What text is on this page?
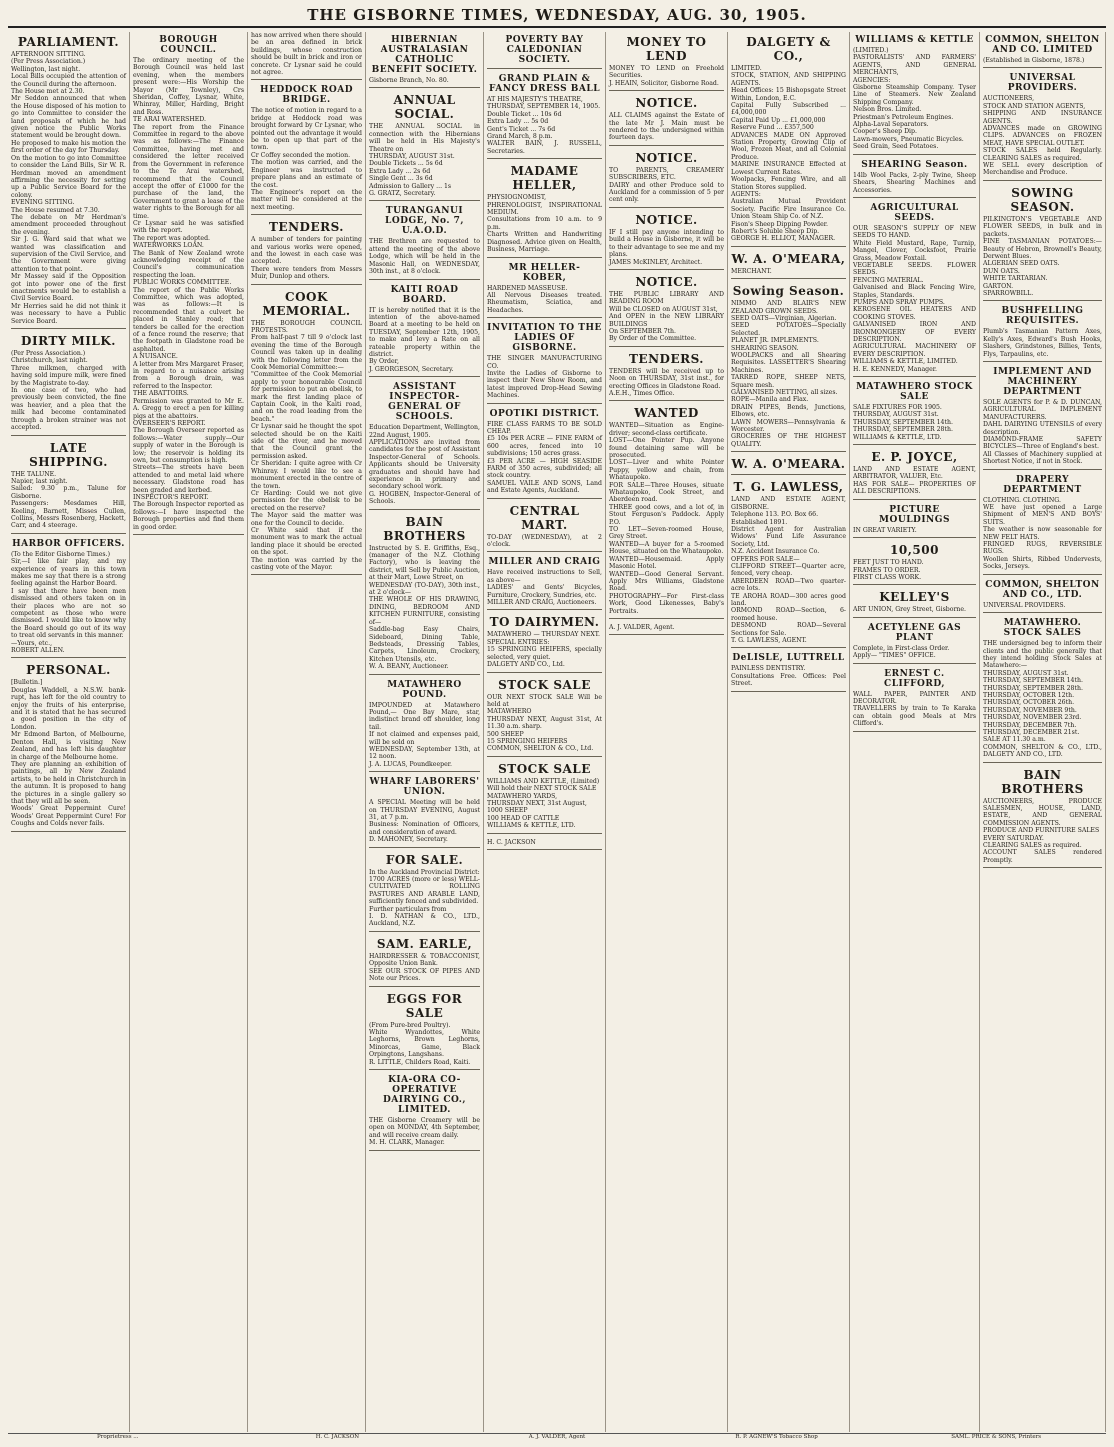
THE GISBORNE TIMES, WEDNESDAY, AUG. 30, 1905.
PARLIAMENT.
AFTERNOON SITTING.
(Per Press Association.)
Wellington, last night.
Local Bills occupied the attention of the Council during the afternoon.
The House met at 2.30.
Mr Seddon announced that when the House disposed of his motion to go into Committee to consider the land proposals of which he had given notice the Public Works statement would be brought down.
He proposed to make his motion the first order of the day for Thursday.
On the motion to go into Committee to consider the Land Bills, Sir W. R. Herdman moved an amendment affirming the necessity for setting up a Public Service Board for the colony.
EVENING SITTING.
The House resumed at 7.30.
The debate on Mr Herdman's amendment proceeded throughout the evening.
Sir J. G. Ward said that what we wanted was classification and supervision of the Civil Service, and the Government were giving attention to that point.
Mr Massey said if the Opposition got into power one of the first enactments would be to establish a Civil Service Board.
Mr Herries said he did not think it was necessary to have a Public Service Board.
DIRTY MILK.
(Per Press Association.)
Christchurch, last night.
Three milkmen, charged with having sold impure milk, were fined by the Magistrate to-day.
In one case of two, who had previously been convicted, the fine was heavier, and a plea that the milk had become contaminated through a broken strainer was not accepted.
LATE SHIPPING.
THE TALUNE.
Napier, last night.
Sailed: 9.30 p.m., Talune for Gisborne.
Passengers: Mesdames Hill, Keeling, Barnett, Misses Cullen, Collins, Messrs Rosenberg, Hackett, Carr, and 4 steerage.
HARBOR OFFICERS.
(To the Editor Gisborne Times.)
Sir,—I like fair play, and my experience of years in this town makes me say that there is a strong feeling against the Harbor Board.
I say that there have been men dismissed and others taken on in their places who are not so competent as those who were dismissed. I would like to know why the Board should go out of its way to treat old servants in this manner.
—Yours, etc.,
ROBERT ALLEN.
PERSONAL.
[Bulletin.]
Douglas Waddell, a N.S.W. bank-rupt, has left for the old country to enjoy the fruits of his enterprise, and it is stated that he has secured a good position in the city of London.
Mr Edmond Barton, of Melbourne, Denton Hall, is visiting New Zealand, and has left his daughter in charge of the Melbourne home.
They are planning an exhibition of paintings, all by New Zealand artists, to be held in Christchurch in the autumn. It is proposed to hang the pictures in a single gallery so that they will all be seen.
Woods' Great Peppermint Cure! Woods' Great Peppermint Cure! For Coughs and Colds never fails.
BOROUGH COUNCIL.
The ordinary meeting of the Borough Council was held last evening, when the members present were:—His Worship the Mayor (Mr Townley), Crs Sheridan, Coffey, Lysnar, White, Whinray, Miller, Harding, Bright and Ross.
TE ARAI WATERSHED.
The report from the Finance Committee in regard to the above was as follows:—The Finance Committee, having met and considered the letter received from the Government in reference to the Te Arai watershed, recommend that the Council accept the offer of £1000 for the purchase of the land, the Government to grant a lease of the water rights to the Borough for all time.
Cr Lysnar said he was satisfied with the report.
The report was adopted.
WATERWORKS LOAN.
The Bank of New Zealand wrote acknowledging receipt of the Council's communication respecting the loan.
PUBLIC WORKS COMMITTEE.
The report of the Public Works Committee, which was adopted, was as follows:—It is recommended that a culvert be placed in Stanley road; that tenders be called for the erection of a fence round the reserve; that the footpath in Gladstone road be asphalted.
A NUISANCE.
A letter from Mrs Margaret Fraser, in regard to a nuisance arising from a Borough drain, was referred to the Inspector.
THE ABATTOIRS.
Permission was granted to Mr E. A. Gregg to erect a pen for killing pigs at the abattoirs.
OVERSEER'S REPORT.
The Borough Overseer reported as follows:—Water supply—Our supply of water in the Borough is low; the reservoir is holding its own, but consumption is high.
Streets—The streets have been attended to and metal laid where necessary. Gladstone road has been graded and kerbed.
INSPECTOR'S REPORT.
The Borough Inspector reported as follows:—I have inspected the Borough properties and find them in good order.
has now arrived when there should be an area defined in brick buildings, whose construction should be built in brick and iron or concrete. Cr Lysnar said he could not agree.
HEDDOCK ROAD BRIDGE.
The notice of motion in regard to a bridge at Heddock road was brought forward by Cr Lysnar, who pointed out the advantage it would be to open up that part of the town.
Cr Coffey seconded the motion.
The motion was carried, and the Engineer was instructed to prepare plans and an estimate of the cost.
The Engineer's report on the matter will be considered at the next meeting.
TENDERS.
A number of tenders for painting and various works were opened, and the lowest in each case was accepted.
There were tenders from Messrs Muir, Dunlop and others.
COOK MEMORIAL.
THE BOROUGH COUNCIL PROTESTS.
From half-past 7 till 9 o'clock last evening the time of the Borough Council was taken up in dealing with the following letter from the Cook Memorial Committee:—
"Committee of the Cook Memorial apply to your honourable Council for permission to put an obelisk, to mark the first landing place of Captain Cook, in the Kaiti road, and on the road leading from the beach."
Cr Lysnar said he thought the spot selected should be on the Kaiti side of the river, and he moved that the Council grant the permission asked.
Cr Sheridan: I quite agree with Cr Whinray. I would like to see a monument erected in the centre of the town.
Cr Harding: Could we not give permission for the obelisk to be erected on the reserve?
The Mayor said the matter was one for the Council to decide.
Cr White said that if the monument was to mark the actual landing place it should be erected on the spot.
The motion was carried by the casting vote of the Mayor.
HIBERNIAN AUSTRALASIAN CATHOLIC BENEFIT SOCIETY.
Gisborne Branch, No. 80.
ANNUAL SOCIAL.
THE ANNUAL SOCIAL in connection with the Hibernians will be held in His Majesty's Theatre on
THURSDAY, AUGUST 31st.
Double Tickets ... 5s 6d
Extra Lady ... 2s 6d
Single Gent ... 3s 6d
Admission to Gallery ... 1s
G. GRATZ, Secretary.
TURANGANUI LODGE, No. 7, U.A.O.D.
THE Brethren are requested to attend the meeting of the above Lodge, which will be held in the Masonic Hall, on WEDNESDAY, 30th inst., at 8 o'clock.
KAITI ROAD BOARD.
IT is hereby notified that it is the intention of the above-named Board at a meeting to be held on TUESDAY, September 12th, 1905, to make and levy a Rate on all rateable property within the district.
By Order,
J. GEORGESON, Secretary.
ASSISTANT INSPECTOR-GENERAL OF SCHOOLS.
Education Department, Wellington, 22nd August, 1905.
APPLICATIONS are invited from candidates for the post of Assistant Inspector-General of Schools. Applicants should be University graduates and should have had experience in primary and secondary school work.
G. HOGBEN, Inspector-General of Schools.
BAIN BROTHERS
Instructed by S. E. Griffiths, Esq., (manager of the N.Z. Clothing Factory), who is leaving the district, will Sell by Public Auction, at their Mart, Lowe Street, on
WEDNESDAY (TO-DAY), 30th inst., at 2 o'clock—
THE WHOLE OF HIS DRAWING, DINING, BEDROOM AND KITCHEN FURNITURE, consisting of—
Saddle-bag Easy Chairs, Sideboard, Dining Table, Bedsteads, Dressing Tables, Carpets, Linoleum, Crockery, Kitchen Utensils, etc.
W. A. BEANY, Auctioneer.
MATAWHERO POUND.
IMPOUNDED at Matawhero Pound,— One Bay Mare, star, indistinct brand off shoulder, long tail.
If not claimed and expenses paid, will be sold on
WEDNESDAY, September 13th, at 12 noon.
J. A. LUCAS, Poundkeeper.
WHARF LABORERS' UNION.
A SPECIAL Meeting will be held on THURSDAY EVENING, August 31, at 7 p.m.
Business: Nomination of Officers, and consideration of award.
D. MAHONEY, Secretary.
FOR SALE.
In the Auckland Provincial District:
1700 ACRES (more or less) WELL-CULTIVATED ROLLING PASTURES AND ARABLE LAND, sufficiently fenced and subdivided.
Further particulars from
I. D. NATHAN & CO., LTD., Auckland, N.Z.
SAM. EARLE,
HAIRDRESSER & TOBACCONIST, Opposite Union Bank.
SEE OUR STOCK OF PIPES AND Note our Prices.
EGGS FOR SALE
(From Pure-bred Poultry).
White Wyandottes, White Leghorns, Brown Leghorns, Minorcas, Game, Black Orpingtons, Langshans.
R. LITTLE, Childers Road, Kaiti.
KIA-ORA CO-OPERATIVE DAIRYING CO., LIMITED.
THE Gisborne Creamery will be open on MONDAY, 4th September, and will receive cream daily.
M. H. CLARK, Manager.
POVERTY BAY CALEDONIAN SOCIETY.
GRAND PLAIN & FANCY DRESS BALL
AT HIS MAJESTY'S THEATRE,
THURSDAY, SEPTEMBER 14, 1905.
Double Ticket ... 10s 6d
Extra Lady ... 5s 0d
Gent's Ticket ... 7s 6d
Grand March, 8 p.m.
WALTER BAIN, J. RUSSELL, Secretaries.
MADAME HELLER,
PHYSIOGNOMIST, PHRENOLOGIST, INSPIRATIONAL MEDIUM.
Consultations from 10 a.m. to 9 p.m.
Charts Written and Handwriting Diagnosed. Advice given on Health, Business, Marriage.
MR HELLER-KOBER,
HARDENED MASSEUSE.
All Nervous Diseases treated. Rheumatism, Sciatica, and Headaches.
INVITATION TO THE LADIES OF GISBORNE.
THE SINGER MANUFACTURING CO.
Invite the Ladies of Gisborne to inspect their New Show Room, and latest improved Drop-Head Sewing Machines.
OPOTIKI DISTRICT.
FIRE CLASS FARMS TO BE SOLD CHEAP.
£5 10s PER ACRE — FINE FARM of 600 acres, fenced into 10 subdivisions; 150 acres grass.
£3 PER ACRE — HIGH SEASIDE FARM of 350 acres, subdivided; all stock country.
SAMUEL VAILE AND SONS, Land and Estate Agents, Auckland.
CENTRAL MART.
TO-DAY (WEDNESDAY), at 2 o'clock.
MILLER AND CRAIG
Have received instructions to Sell, as above—
LADIES' and Gents' Bicycles, Furniture, Crockery, Sundries, etc.
MILLER AND CRAIG, Auctioneers.
TO DAIRYMEN.
MATAWHERO — THURSDAY NEXT.
SPECIAL ENTRIES:
15 SPRINGING HEIFERS, specially selected, very quiet.
DALGETY AND CO., Ltd.
STOCK SALE
OUR NEXT STOCK SALE Will be held at
MATAWHERO
THURSDAY NEXT, August 31st, At 11.30 a.m. sharp.
500 SHEEP
15 SPRINGING HEIFERS
COMMON, SHELTON & CO., Ltd.
STOCK SALE
WILLIAMS AND KETTLE, (Limited)
Will hold their NEXT STOCK SALE
MATAWHERO YARDS,
THURSDAY NEXT, 31st August,
1000 SHEEP
100 HEAD OF CATTLE
WILLIAMS & KETTLE, LTD.
H. C. JACKSON
MONEY TO LEND
MONEY TO LEND on Freehold Securities.
J. HEAIN, Solicitor, Gisborne Road.
NOTICE.
ALL CLAIMS against the Estate of the late Mr J. Main must be rendered to the undersigned within fourteen days.
NOTICE.
TO PARENTS, CREAMERY SUBSCRIBERS, ETC.
DAIRY and other Produce sold to Auckland for a commission of 5 per cent only.
NOTICE.
IF I still pay anyone intending to build a House in Gisborne, it will be to their advantage to see me and my plans.
JAMES McKINLEY, Architect.
NOTICE.
THE PUBLIC LIBRARY AND READING ROOM
Will be CLOSED on AUGUST 31st,
And OPEN in the NEW LIBRARY BUILDINGS
On SEPTEMBER 7th.
By Order of the Committee.
TENDERS.
TENDERS will be received up to Noon on THURSDAY, 31st inst., for erecting Offices in Gladstone Road.
A.E.H., Times Office.
WANTED
WANTED—Situation as Engine-driver; second-class certificate.
LOST—One Pointer Pup. Anyone found detaining same will be prosecuted.
LOST—Liver and white Pointer Puppy, yellow and chain, from Whataupoko.
FOR SALE—Three Houses, situate Whataupoko, Cook Street, and Aberdeen road.
THREE good cows, and a lot of, in Stout Ferguson's Paddock. Apply P.O.
TO LET—Seven-roomed House, Grey Street.
WANTED—A buyer for a 5-roomed House, situated on the Whataupoko.
WANTED—Housemaid. Apply Masonic Hotel.
WANTED—Good General Servant. Apply Mrs Williams, Gladstone Road.
PHOTOGRAPHY—For First-class Work, Good Likenesses, Baby's Portraits.
A. J. VALDER, Agent.
DALGETY & CO.,
LIMITED.
STOCK, STATION, AND SHIPPING AGENTS.
Head Offices: 15 Bishopsgate Street Within, London, E.C.
Capital Fully Subscribed ... £4,000,000
Capital Paid Up ... £1,000,000
Reserve Fund ... £357,500
ADVANCES MADE ON Approved Station Property, Growing Clip of Wool, Frozen Meat, and all Colonial Produce.
MARINE INSURANCE Effected at Lowest Current Rates.
Woolpacks, Fencing Wire, and all Station Stores supplied.
AGENTS:
Australian Mutual Provident Society. Pacific Fire Insurance Co. Union Steam Ship Co. of N.Z.
Fison's Sheep Dipping Powder.
Robert's Soluble Sheep Dip.
GEORGE H. ELLIOT, MANAGER.
W. A. O'MEARA,
MERCHANT.
Sowing Season.
NIMMO AND BLAIR'S NEW ZEALAND GROWN SEEDS.
SEED OATS—Virginian, Algerian.
SEED POTATOES—Specially Selected.
PLANET JR. IMPLEMENTS.
SHEARING SEASON.
WOOLPACKS and all Shearing Requisites. LASSETTER'S Shearing Machines.
TARRED ROPE, SHEEP NETS, Square mesh.
GALVANISED NETTING, all sizes.
ROPE—Manila and Flax.
DRAIN PIPES, Bends, Junctions, Elbows, etc.
LAWN MOWERS—Pennsylvania & Worcester.
GROCERIES OF THE HIGHEST QUALITY.
W. A. O'MEARA.
T. G. LAWLESS,
LAND AND ESTATE AGENT, GISBORNE.
Telephone 113. P.O. Box 66.
Established 1891.
District Agent for Australian Widows' Fund Life Assurance Society, Ltd.
N.Z. Accident Insurance Co.
OFFERS FOR SALE—
CLIFFORD STREET—Quarter acre, fenced, very cheap.
ABERDEEN ROAD—Two quarter-acre lots.
TE AROHA ROAD—300 acres good land.
ORMOND ROAD—Section, 6-roomed house.
DESMOND ROAD—Several Sections for Sale.
T. G. LAWLESS, AGENT.
DeLISLE, LUTTRELL
PAINLESS DENTISTRY.
Consultations Free. Offices: Peel Street.
WILLIAMS & KETTLE
(LIMITED.)
PASTORALISTS' AND FARMERS' AGENTS, AND GENERAL MERCHANTS,
AGENCIES:
Gisborne Steamship Company. Tyser Line of Steamers. New Zealand Shipping Company.
Nelson Bros. Limited.
Priestman's Petroleum Engines.
Alpha-Laval Separators.
Cooper's Sheep Dip.
Lawn-mowers, Pneumatic Bicycles.
Seed Grain, Seed Potatoes.
SHEARING Season.
14lb Wool Packs, 2-ply Twine, Sheep Shears, Shearing Machines and Accessories.
AGRICULTURAL SEEDS.
OUR SEASON'S SUPPLY OF NEW SEEDS TO HAND.
White Field Mustard, Rape, Turnip, Mangel, Clover, Cocksfoot, Prairie Grass, Meadow Foxtail.
VEGETABLE SEEDS. FLOWER SEEDS.
FENCING MATERIAL.
Galvanised and Black Fencing Wire, Staples, Standards.
PUMPS AND SPRAY PUMPS.
KEROSENE OIL HEATERS AND COOKING STOVES.
GALVANISED IRON AND IRONMONGERY OF EVERY DESCRIPTION.
AGRICULTURAL MACHINERY OF EVERY DESCRIPTION.
WILLIAMS & KETTLE, LIMITED.
H. E. KENNEDY, Manager.
MATAWHERO STOCK SALE
SALE FIXTURES FOR 1905.
THURSDAY, AUGUST 31st.
THURSDAY, SEPTEMBER 14th.
THURSDAY, SEPTEMBER 28th.
WILLIAMS & KETTLE, LTD.
E. P. JOYCE,
LAND AND ESTATE AGENT, ARBITRATOR, VALUER, Etc.
HAS FOR SALE— PROPERTIES OF ALL DESCRIPTIONS.
PICTURE MOULDINGS
IN GREAT VARIETY.
10,500
FEET JUST TO HAND.
FRAMES TO ORDER.
FIRST CLASS WORK.
KELLEY'S
ART UNION, Grey Street, Gisborne.
ACETYLENE GAS PLANT
Complete, in First-class Order.
Apply— "TIMES" OFFICE.
ERNEST C. CLIFFORD,
WALL PAPER, PAINTER AND DECORATOR.
TRAVELLERS by train to Te Karaka can obtain good Meals at Mrs Clifford's.
COMMON, SHELTON AND CO. LIMITED
(Established in Gisborne, 1878.)
UNIVERSAL PROVIDERS.
AUCTIONEERS,
STOCK AND STATION AGENTS,
SHIPPING AND INSURANCE AGENTS.
ADVANCES made on GROWING CLIPS. ADVANCES on FROZEN MEAT, HAVE SPECIAL OUTLET.
STOCK SALES held Regularly. CLEARING SALES as required.
WE SELL every description of Merchandise and Produce.
SOWING SEASON.
PILKINGTON'S VEGETABLE AND FLOWER SEEDS, in bulk and in packets.
FINE TASMANIAN POTATOES:—Beauty of Hebron, Brownell's Beauty, Derwent Blues.
ALGERIAN SEED OATS.
DUN OATS.
WHITE TARTARIAN.
GARTON.
SPARROWBILL.
BUSHFELLING REQUISITES.
Plumb's Tasmanian Pattern Axes, Kelly's Axes, Edward's Bush Hooks, Slashers, Grindstones, Billies, Tents, Flys, Tarpaulins, etc.
IMPLEMENT AND MACHINERY DEPARTMENT
SOLE AGENTS for P. & D. DUNCAN, AGRICULTURAL IMPLEMENT MANUFACTURERS.
DAHL DAIRYING UTENSILS of every description.
DIAMOND-FRAME SAFETY BICYCLES—Three of England's best.
All Classes of Machinery supplied at Shortest Notice, if not in Stock.
DRAPERY DEPARTMENT
CLOTHING. CLOTHING.
WE have just opened a Large Shipment of MEN'S AND BOYS' SUITS.
The weather is now seasonable for NEW FELT HATS.
FRINGED RUGS, REVERSIBLE RUGS.
Woollen Shirts, Ribbed Undervests, Socks, Jerseys.
COMMON, SHELTON AND CO., LTD.
UNIVERSAL PROVIDERS.
MATAWHERO. STOCK SALES
THE undersigned beg to inform their clients and the public generally that they intend holding Stock Sales at Matawhero:—
THURSDAY, AUGUST 31st.
THURSDAY, SEPTEMBER 14th.
THURSDAY, SEPTEMBER 28th.
THURSDAY, OCTOBER 12th.
THURSDAY, OCTOBER 26th.
THURSDAY, NOVEMBER 9th.
THURSDAY, NOVEMBER 23rd.
THURSDAY, DECEMBER 7th.
THURSDAY, DECEMBER 21st.
SALE AT 11.30 a.m.
COMMON, SHELTON & CO., LTD., DALGETY AND CO., LTD.
BAIN BROTHERS
AUCTIONEERS, PRODUCE SALESMEN, HOUSE, LAND, ESTATE, AND GENERAL COMMISSION AGENTS.
PRODUCE AND FURNITURE SALES
EVERY SATURDAY.
CLEARING SALES as required.
ACCOUNT SALES rendered Promptly.
Proprietress ...	H. C. JACKSON	A. J. VALDER, Agent	R. P. AGNEW'S Tobacco Shop	SAML. PRICE & SONS, Printers
